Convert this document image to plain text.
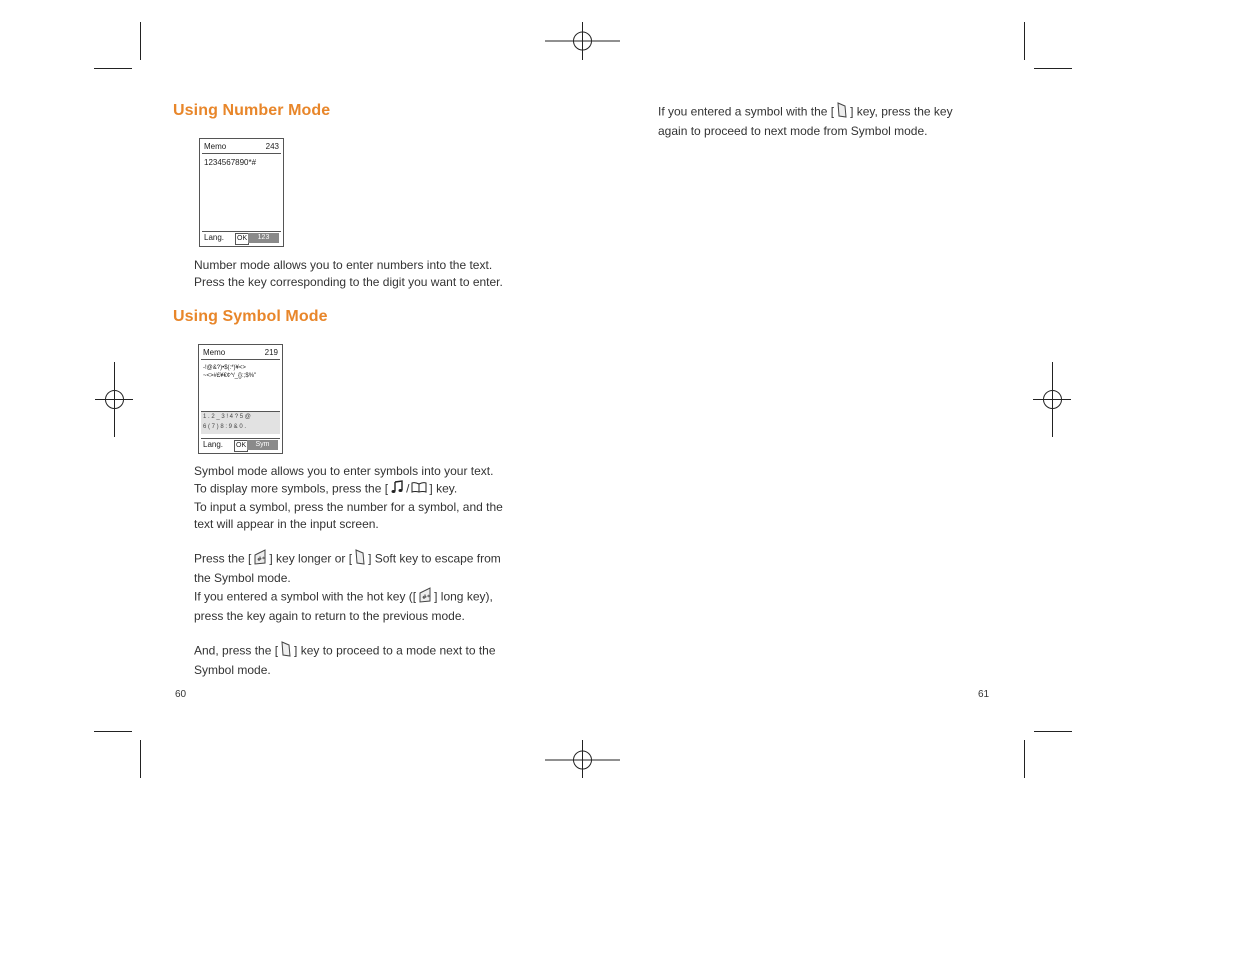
Using Number Mode
Memo	243
1234567890*#
Lang. OK	123

Number mode allows you to enter numbers into the text.

Press the key corresponding to the digit you want to enter.

Using Symbol Mode
Memo	219
-!@&?)•$(:*)¥<>
~<>#£¥€¢^/_{}:;$%"
1 . 2 _ 3 ! 4 ? 5 @
6 ( 7 ) 8 : 9 & 0 .
Lang. OK	Sym

Symbol mode allows you to enter symbols into your text.

To display more symbols, press the [ / ] key.

To input a symbol, press the number for a symbol, and the

text will appear in the input screen.

Press the [ #* ] key longer or [ ] Soft key to escape from

the Symbol mode.

If you entered a symbol with the hot key ([ #* ] long key),

press the key again to return to the previous mode.

And, press the [ ] key to proceed to a mode next to the

Symbol mode.

60

If you entered a symbol with the [ ] key, press the key

again to proceed to next mode from Symbol mode.

61
